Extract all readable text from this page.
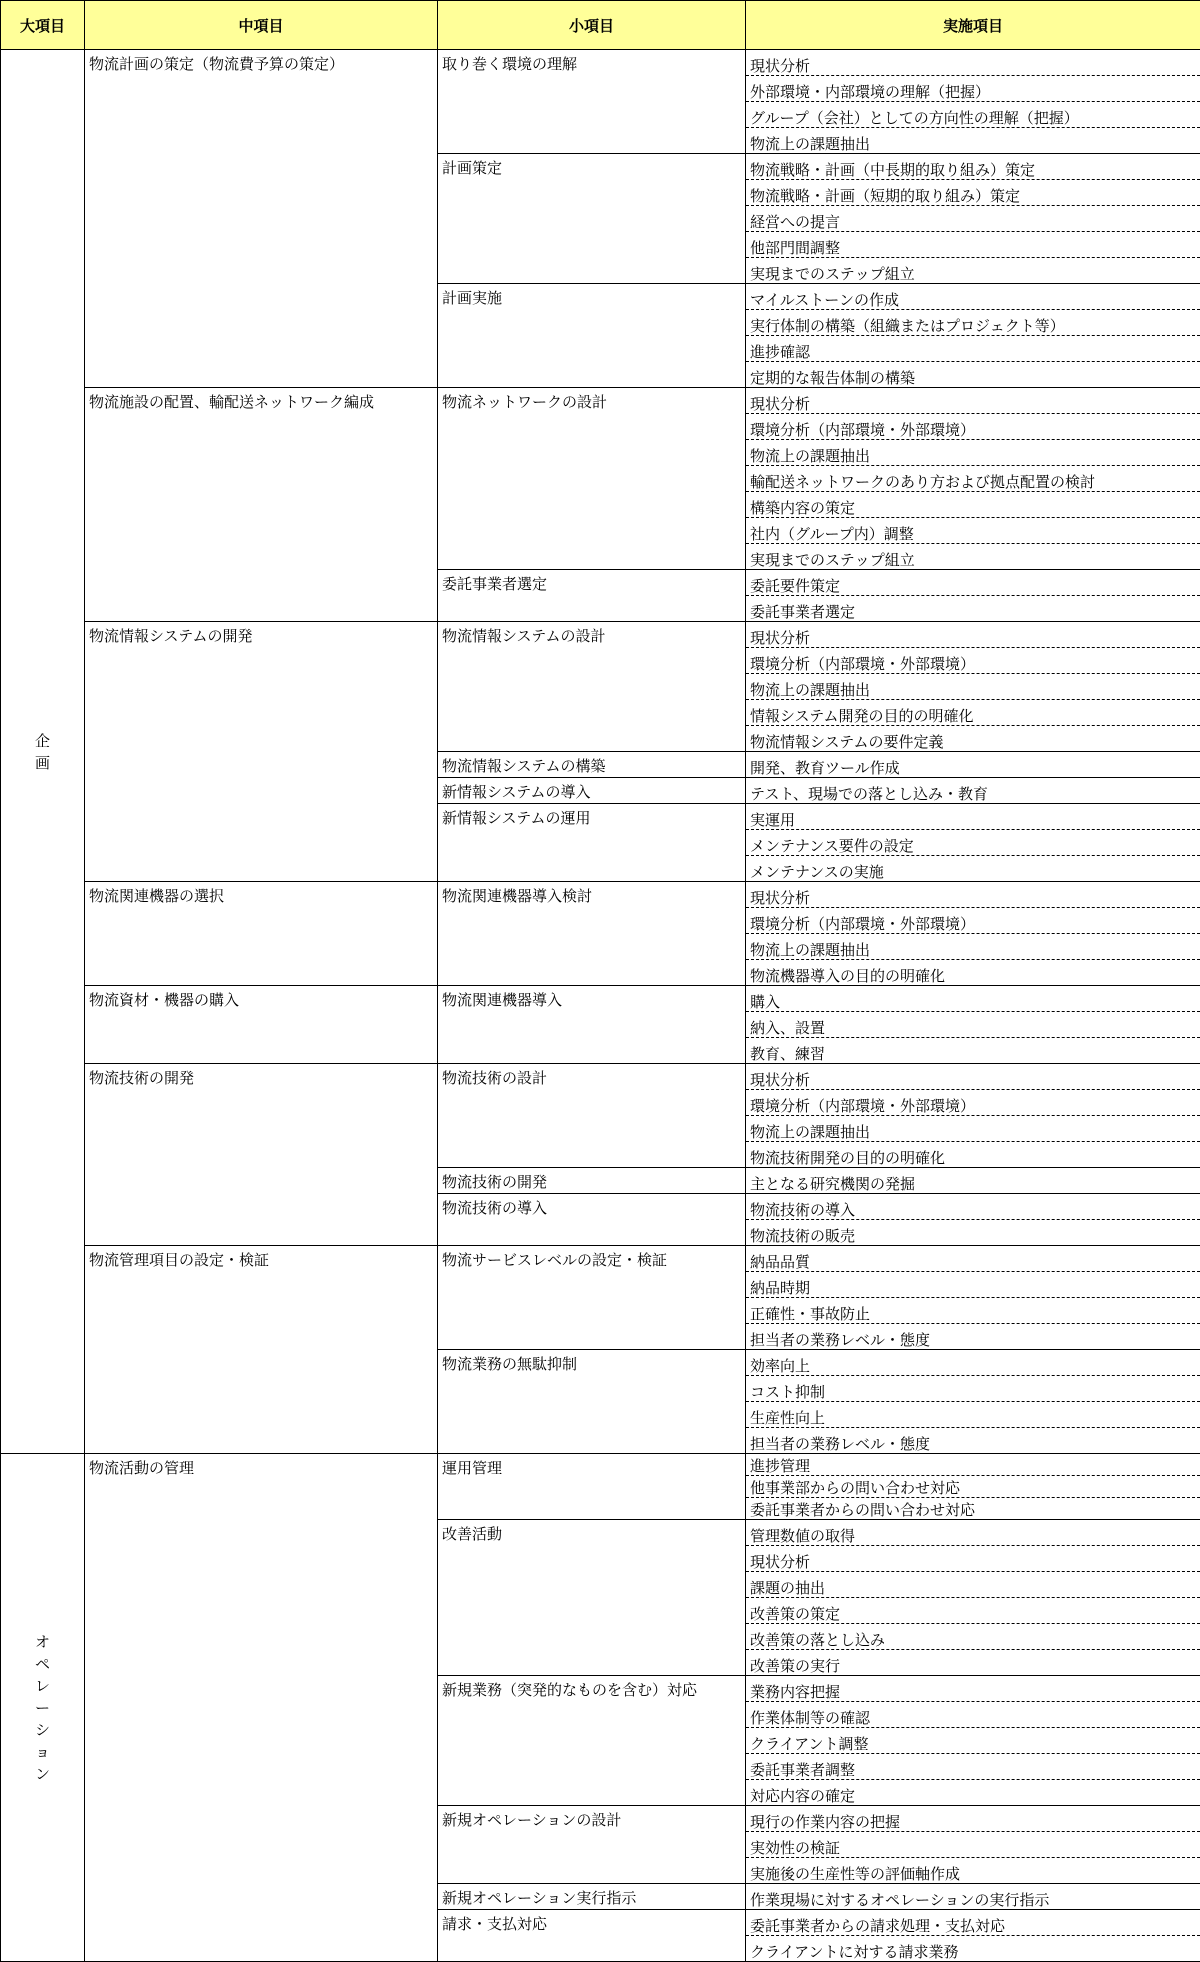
大項目	中項目	小項目	実施項目
企画	物流計画の策定（物流費予算の策定）	取り巻く環境の理解	現状分析
			外部環境・内部環境の理解（把握）
			グループ（会社）としての方向性の理解（把握）
			物流上の課題抽出
		計画策定	物流戦略・計画（中長期的取り組み）策定
			物流戦略・計画（短期的取り組み）策定
			経営への提言
			他部門間調整
			実現までのステップ組立
		計画実施	マイルストーンの作成
			実行体制の構築（組織またはプロジェクト等）
			進捗確認
			定期的な報告体制の構築
	物流施設の配置、輸配送ネットワーク編成	物流ネットワークの設計	現状分析
			環境分析（内部環境・外部環境）
			物流上の課題抽出
			輸配送ネットワークのあり方および拠点配置の検討
			構築内容の策定
			社内（グループ内）調整
			実現までのステップ組立
		委託事業者選定	委託要件策定
			委託事業者選定
	物流情報システムの開発	物流情報システムの設計	現状分析
			環境分析（内部環境・外部環境）
			物流上の課題抽出
			情報システム開発の目的の明確化
			物流情報システムの要件定義
		物流情報システムの構築	開発、教育ツール作成
		新情報システムの導入	テスト、現場での落とし込み・教育
		新情報システムの運用	実運用
			メンテナンス要件の設定
			メンテナンスの実施
	物流関連機器の選択	物流関連機器導入検討	現状分析
			環境分析（内部環境・外部環境）
			物流上の課題抽出
			物流機器導入の目的の明確化
	物流資材・機器の購入	物流関連機器導入	購入
			納入、設置
			教育、練習
	物流技術の開発	物流技術の設計	現状分析
			環境分析（内部環境・外部環境）
			物流上の課題抽出
			物流技術開発の目的の明確化
		物流技術の開発	主となる研究機関の発掘
		物流技術の導入	物流技術の導入
			物流技術の販売
	物流管理項目の設定・検証	物流サービスレベルの設定・検証	納品品質
			納品時期
			正確性・事故防止
			担当者の業務レベル・態度
		物流業務の無駄抑制	効率向上
			コスト抑制
			生産性向上
			担当者の業務レベル・態度
オペレーション	物流活動の管理	運用管理	進捗管理
			他事業部からの問い合わせ対応
			委託事業者からの問い合わせ対応
		改善活動	管理数値の取得
			現状分析
			課題の抽出
			改善策の策定
			改善策の落とし込み
			改善策の実行
		新規業務（突発的なものを含む）対応	業務内容把握
			作業体制等の確認
			クライアント調整
			委託事業者調整
			対応内容の確定
		新規オペレーションの設計	現行の作業内容の把握
			実効性の検証
			実施後の生産性等の評価軸作成
		新規オペレーション実行指示	作業現場に対するオペレーションの実行指示
		請求・支払対応	委託事業者からの請求処理・支払対応
			クライアントに対する請求業務
